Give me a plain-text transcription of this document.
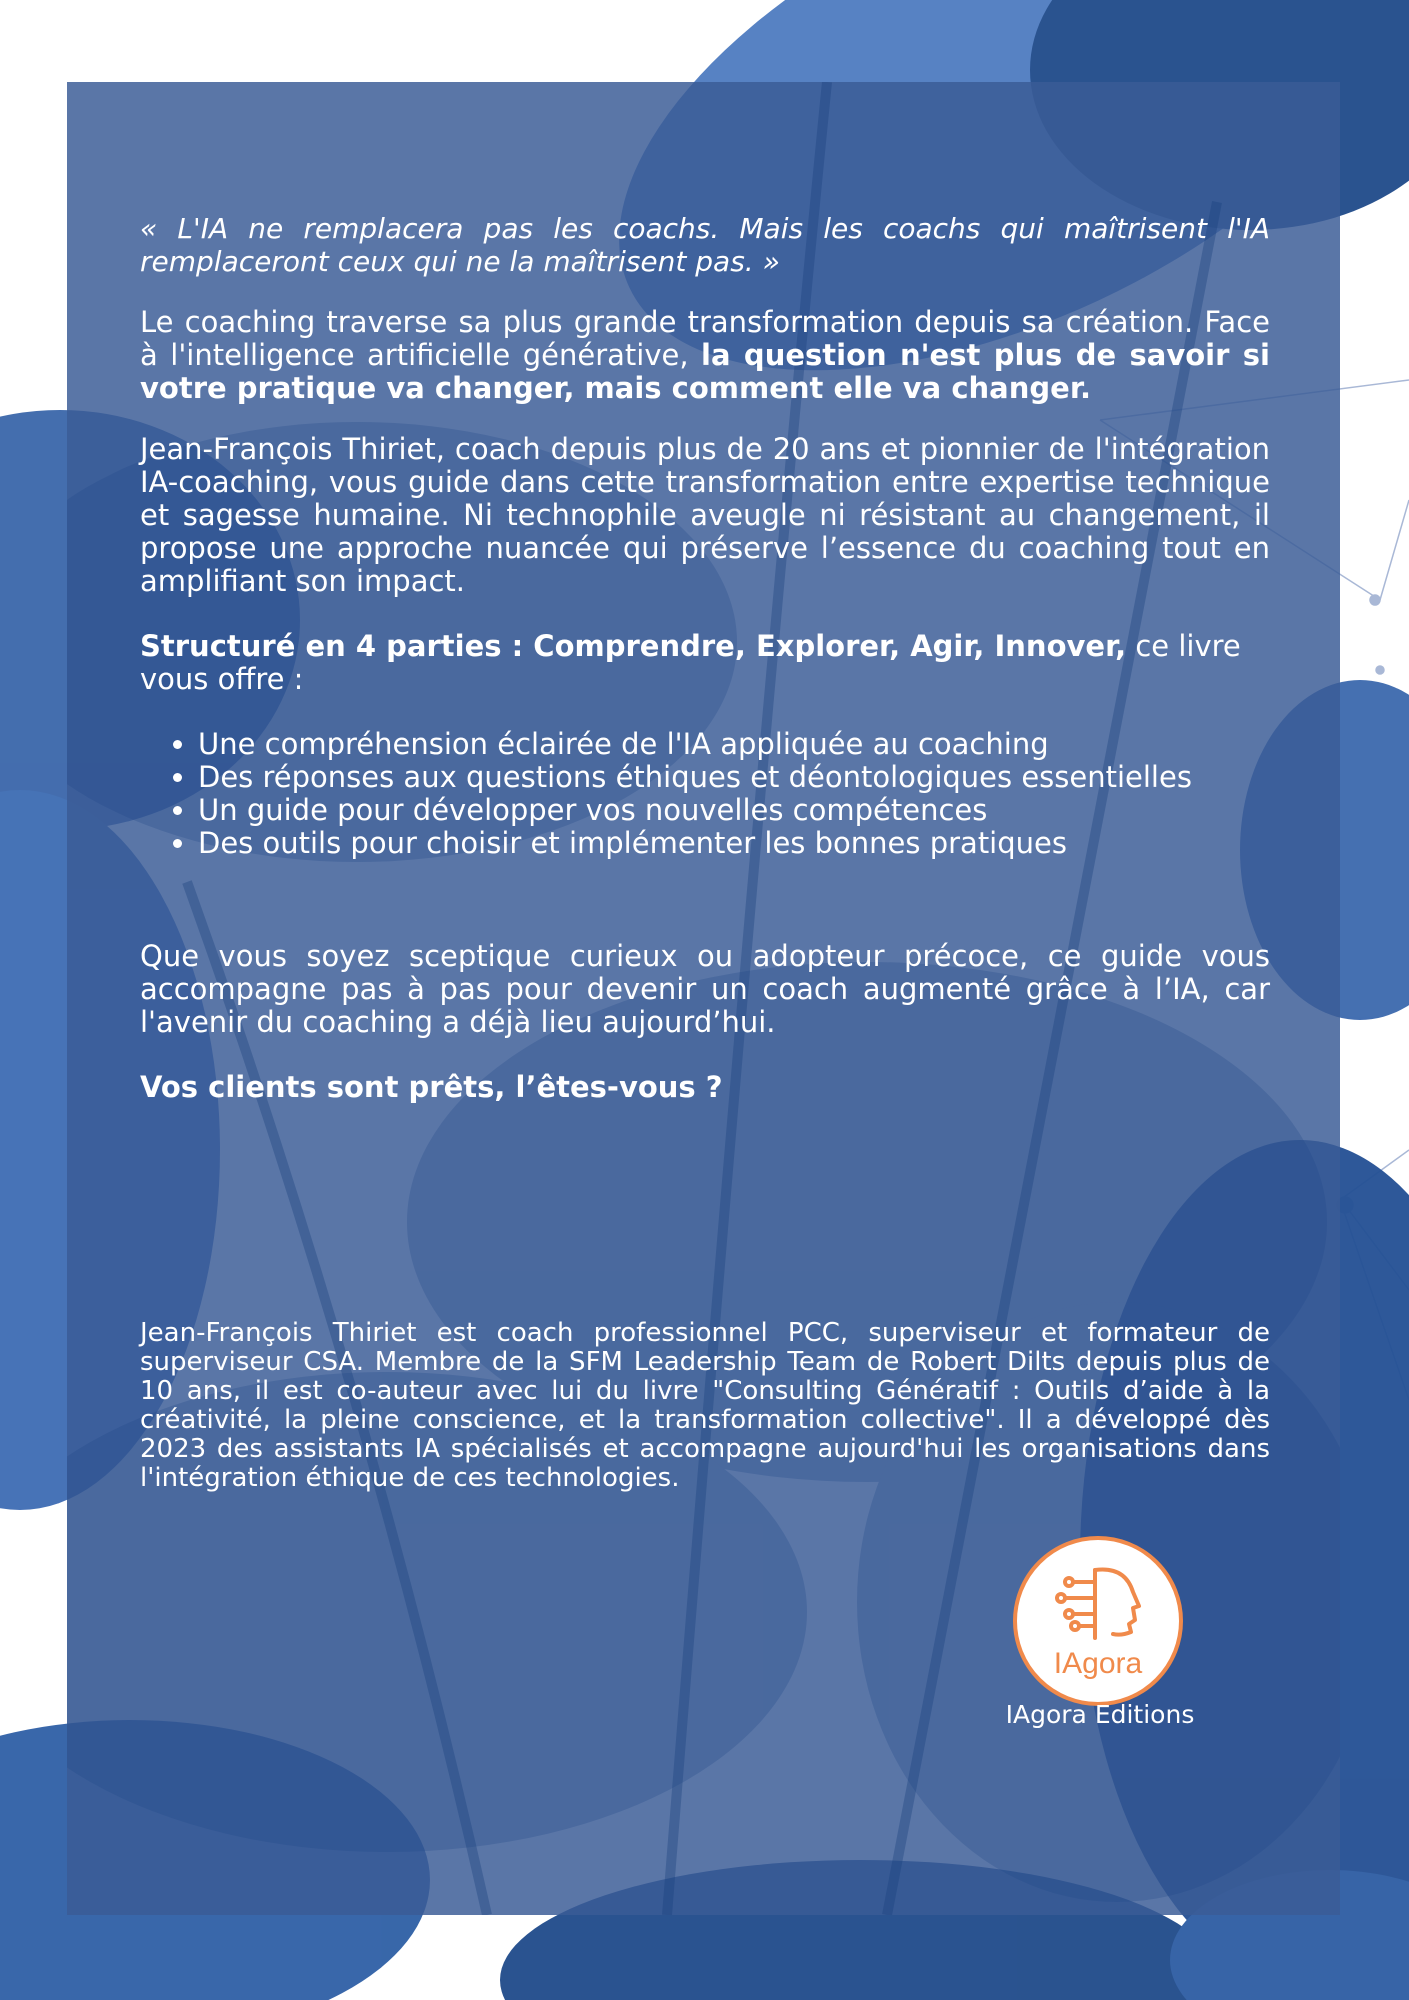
« L'IA ne remplacera pas les coachs. Mais les coachs qui maîtrisent l'IA remplaceront ceux qui ne la maîtrisent pas. »

Le coaching traverse sa plus grande transformation depuis sa création. Face à l'intelligence artificielle générative, la question n'est plus de savoir si votre pratique va changer, mais comment elle va changer.

Jean-François Thiriet, coach depuis plus de 20 ans et pionnier de l'intégration IA-coaching, vous guide dans cette transformation entre expertise technique et sagesse humaine. Ni technophile aveugle ni résistant au changement, il propose une approche nuancée qui préserve l’essence du coaching tout en amplifiant son impact.

Structuré en 4 parties : Comprendre, Explorer, Agir, Innover, ce livre vous offre :

• Une compréhension éclairée de l'IA appliquée au coaching
• Des réponses aux questions éthiques et déontologiques essentielles
• Un guide pour développer vos nouvelles compétences
• Des outils pour choisir et implémenter les bonnes pratiques

Que vous soyez sceptique curieux ou adopteur précoce, ce guide vous accompagne pas à pas pour devenir un coach augmenté grâce à l’IA, car l'avenir du coaching a déjà lieu aujourd’hui.

Vos clients sont prêts, l’êtes-vous ?

Jean-François Thiriet est coach professionnel PCC, superviseur et formateur de superviseur CSA. Membre de la SFM Leadership Team de Robert Dilts depuis plus de 10 ans, il est co-auteur avec lui du livre "Consulting Génératif : Outils d’aide à la créativité, la pleine conscience, et la transformation collective". Il a développé dès 2023 des assistants IA spécialisés et accompagne aujourd'hui les organisations dans l'intégration éthique de ces technologies.

IAgora
IAgora Editions
